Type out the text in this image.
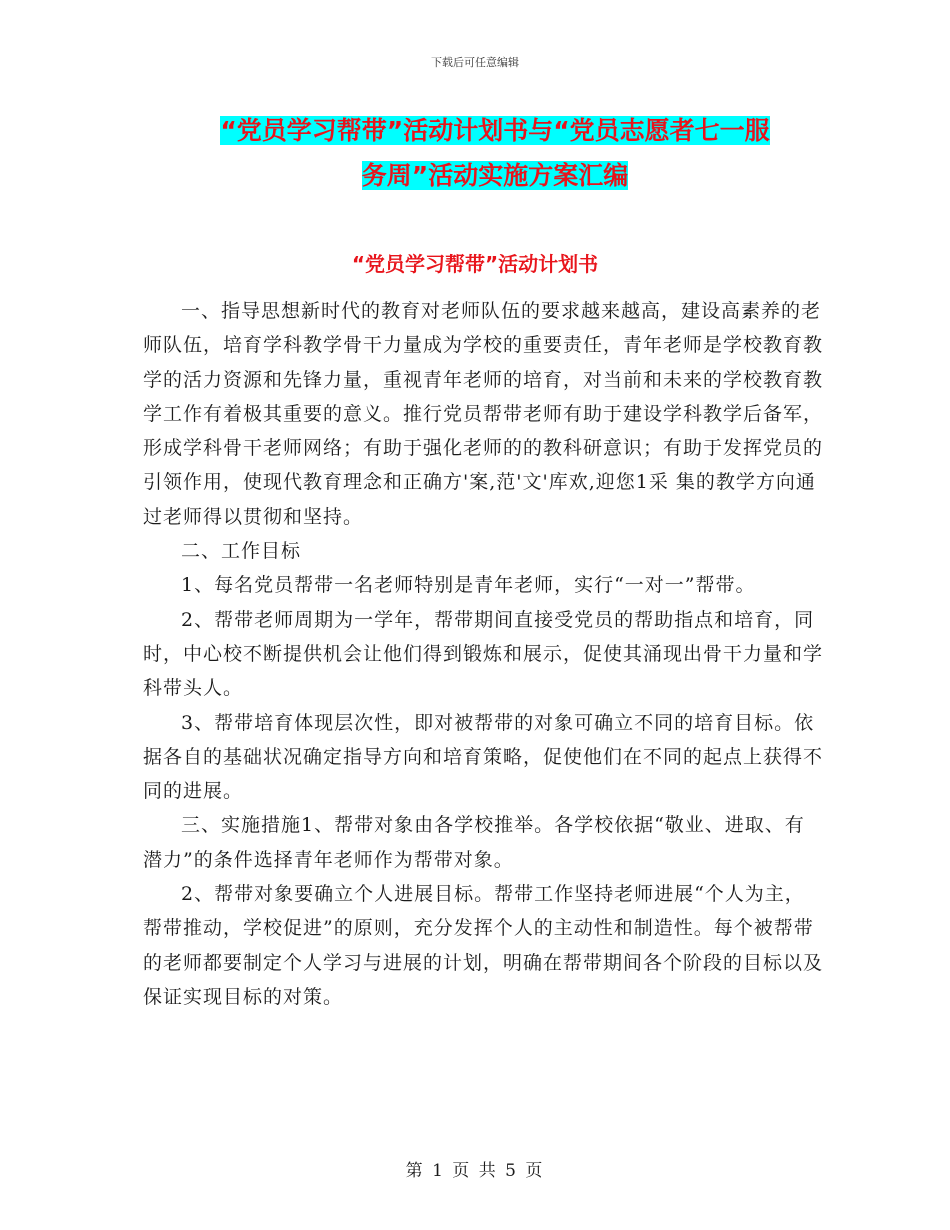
下载后可任意编辑
“党员学习帮带”活动计划书与“党员志愿者七一服
务周”活动实施方案汇编
“党员学习帮带”活动计划书

一、指导思想新时代的教育对老师队伍的要求越来越高，建设高素养的老师队伍，培育学科教学骨干力量成为学校的重要责任，青年老师是学校教育教学的活力资源和先锋力量，重视青年老师的培育，对当前和未来的学校教育教学工作有着极其重要的意义。推行党员帮带老师有助于建设学科教学后备军，形成学科骨干老师网络；有助于强化老师的的教科研意识；有助于发挥党员的引领作用，使现代教育理念和正确方'案,范'文'库欢,迎您1采 集的教学方向通过老师得以贯彻和坚持。

二、工作目标

1、每名党员帮带一名老师特别是青年老师，实行“一对一”帮带。

2、帮带老师周期为一学年，帮带期间直接受党员的帮助指点和培育，同时，中心校不断提供机会让他们得到锻炼和展示，促使其涌现出骨干力量和学科带头人。

3、帮带培育体现层次性，即对被帮带的对象可确立不同的培育目标。依据各自的基础状况确定指导方向和培育策略，促使他们在不同的起点上获得不同的进展。

三、实施措施1、帮带对象由各学校推举。各学校依据“敬业、进取、有潜力”的条件选择青年老师作为帮带对象。

2、帮带对象要确立个人进展目标。帮带工作坚持老师进展“个人为主，帮带推动，学校促进”的原则，充分发挥个人的主动性和制造性。每个被帮带的老师都要制定个人学习与进展的计划，明确在帮带期间各个阶段的目标以及保证实现目标的对策。

第 1 页 共 5 页
